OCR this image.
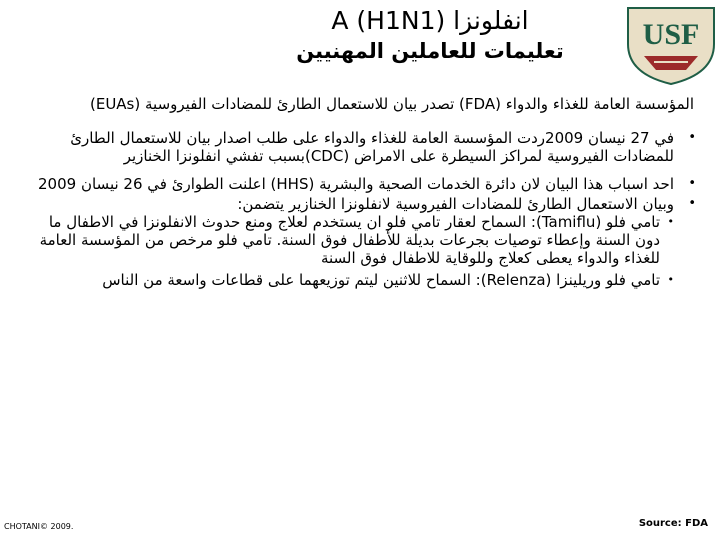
USF
انفلونزا A (H1N1)
تعليمات للعاملين المهنيين
المؤسسة العامة للغذاء والدواء (FDA) تصدر بيان للاستعمال الطارئ للمضادات الفيروسية (EUAs)
• في 27 نيسان 2009ردت المؤسسة العامة للغذاء والدواء على طلب اصدار بيان للاستعمال الطارئ للمضادات الفيروسية لمراكز السيطرة على الامراض (CDC)بسبب تفشي انفلونزا الخنازير
• احد اسباب هذا البيان لان دائرة الخدمات الصحية والبشرية (HHS) اعلنت الطوارئ في 26 نيسان 2009
• وبيان الاستعمال الطارئ للمضادات الفيروسية لانفلونزا الخنازير يتضمن:
• تامي فلو (Tamiflu): السماح لعقار تامي فلو ان يستخدم لعلاج ومنع حدوث الانفلونزا في الاطفال ما دون السنة وإعطاء توصيات بجرعات بديلة للأطفال فوق السنة. تامي فلو مرخص من المؤسسة العامة للغذاء والدواء يعطى كعلاج وللوقاية للاطفال فوق السنة
• تامي فلو وريلينزا (Relenza): السماح للاثنين ليتم توزيعهما على قطاعات واسعة من الناس
CHOTANI© 2009.	Source: FDA
